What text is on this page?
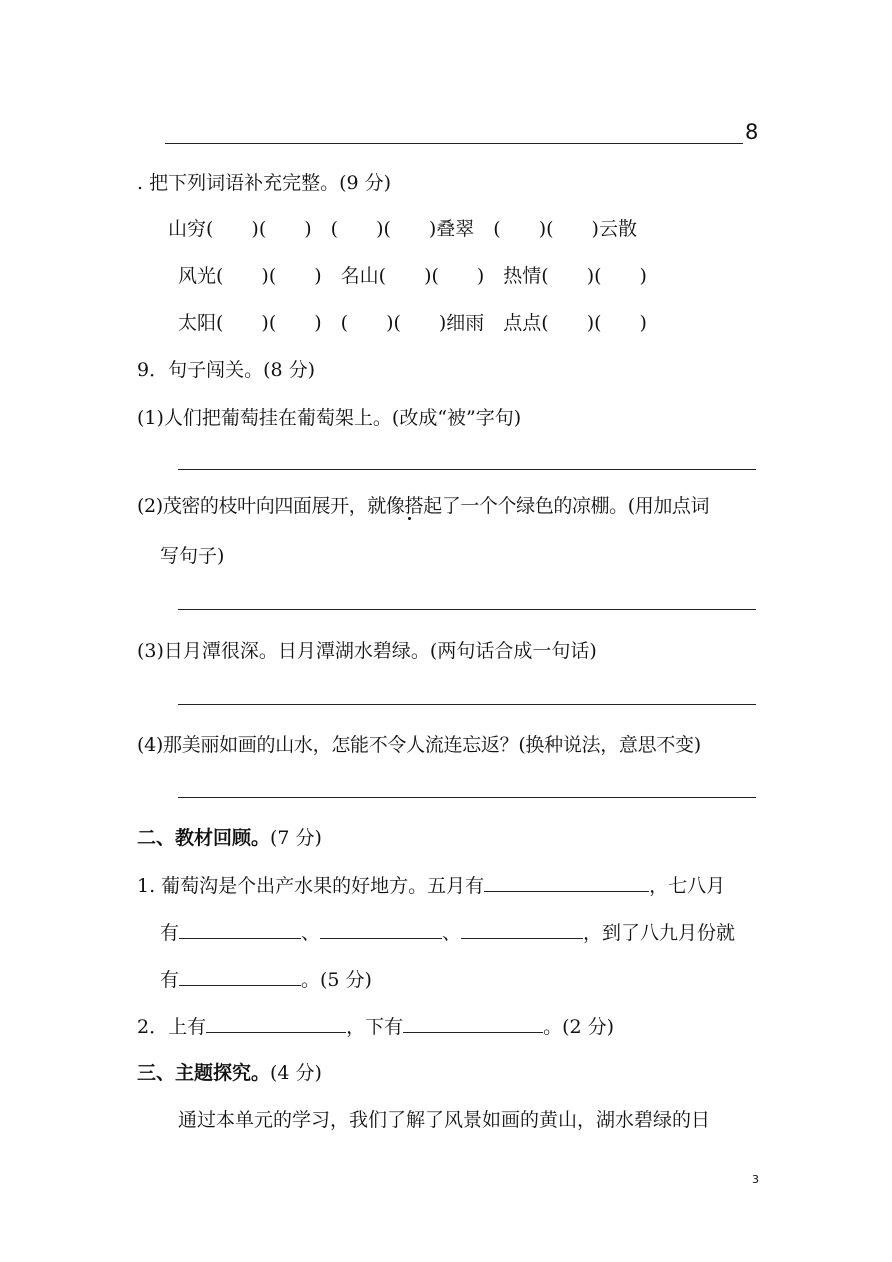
8
. 把下列词语补充完整。(9 分)
山穷(　　)(　　)　(　　)(　　)叠翠　(　　)(　　)云散
风光(　　)(　　)　名山(　　)(　　)　热情(　　)(　　)
太阳(　　)(　　)　(　　)(　　)细雨　点点(　　)(　　)
9．句子闯关。(8 分)
(1)人们把葡萄挂在葡萄架上。(改成“被”字句)
(2)茂密的枝叶向四面展开，就像搭起了一个个绿色的凉棚。(用加点词
写句子)
(3)日月潭很深。日月潭湖水碧绿。(两句话合成一句话)
(4)那美丽如画的山水，怎能不令人流连忘返？(换种说法，意思不变)
二、教材回顾。(7 分)
1. 葡萄沟是个出产水果的好地方。五月有	，七八月
有	、	、	，到了八九月份就
有	。(5 分)
2．上有	，下有	。(2 分)
三、主题探究。(4 分)
通过本单元的学习，我们了解了风景如画的黄山，湖水碧绿的日
3
